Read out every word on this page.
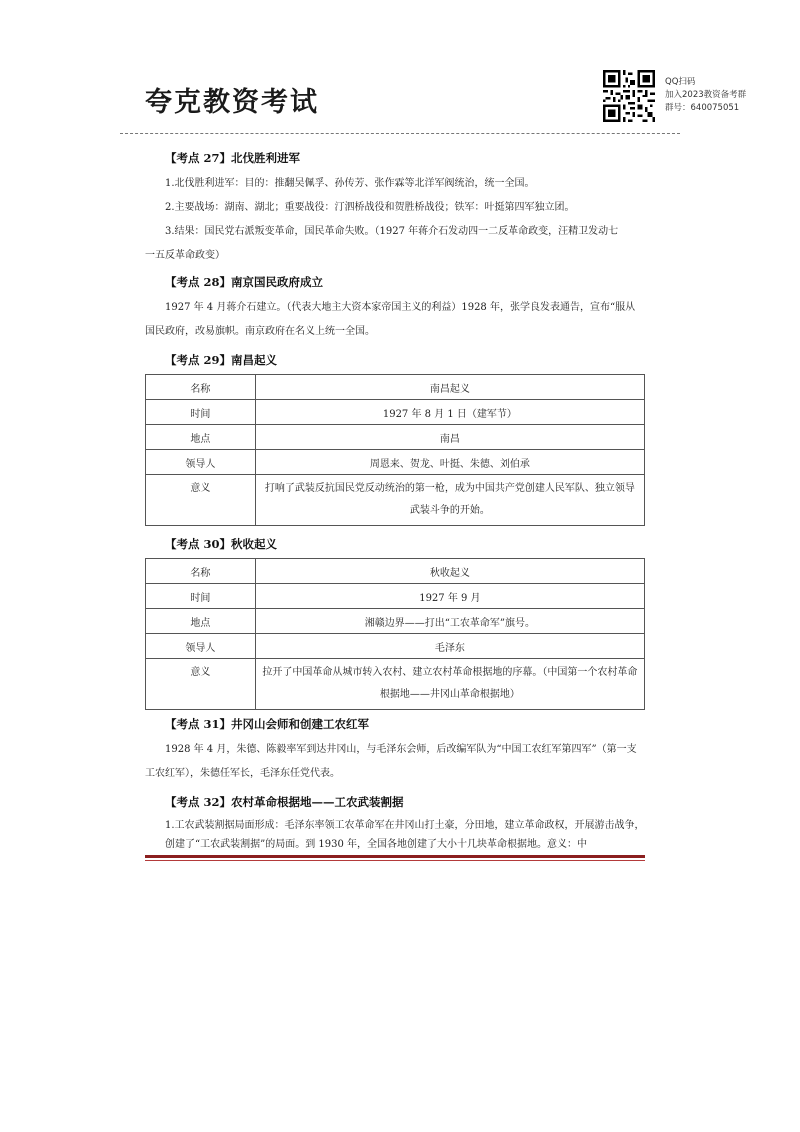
夸克教资考试
QQ扫码
加入2023教资备考群
群号：640075051
【考点 27】北伐胜利进军
1.北伐胜利进军：目的：推翻吴佩孚、孙传芳、张作霖等北洋军阀统治，统一全国。
2.主要战场：湖南、湖北；重要战役：汀泗桥战役和贺胜桥战役；铁军：叶挺第四军独立团。
3.结果：国民党右派叛变革命，国民革命失败。（1927 年蒋介石发动四一二反革命政变，汪精卫发动七
一五反革命政变）
【考点 28】南京国民政府成立
1927 年 4 月蒋介石建立。（代表大地主大资本家帝国主义的利益）1928 年，张学良发表通告，宣布“服从国民政府，改易旗帜。南京政府在名义上统一全国。
【考点 29】南昌起义
名称	南昌起义
时间	1927 年 8 月 1 日（建军节）
地点	南昌
领导人	周恩来、贺龙、叶挺、朱德、刘伯承
意义	打响了武装反抗国民党反动统治的第一枪，成为中国共产党创建人民军队、独立领导武装斗争的开始。
【考点 30】秋收起义
名称	秋收起义
时间	1927 年 9 月
地点	湘赣边界——打出“工农革命军”旗号。
领导人	毛泽东
意义	拉开了中国革命从城市转入农村、建立农村革命根据地的序幕。（中国第一个农村革命根据地——井冈山革命根据地）
【考点 31】井冈山会师和创建工农红军
1928 年 4 月，朱德、陈毅率军到达井冈山，与毛泽东会师，后改编军队为“中国工农红军第四军”（第一支工农红军），朱德任军长，毛泽东任党代表。
【考点 32】农村革命根据地——工农武装割据
1.工农武装割据局面形成：毛泽东率领工农革命军在井冈山打土豪，分田地，建立革命政权，开展游击战争，创建了“工农武装割据”的局面。到 1930 年，全国各地创建了大小十几块革命根据地。意义：中
